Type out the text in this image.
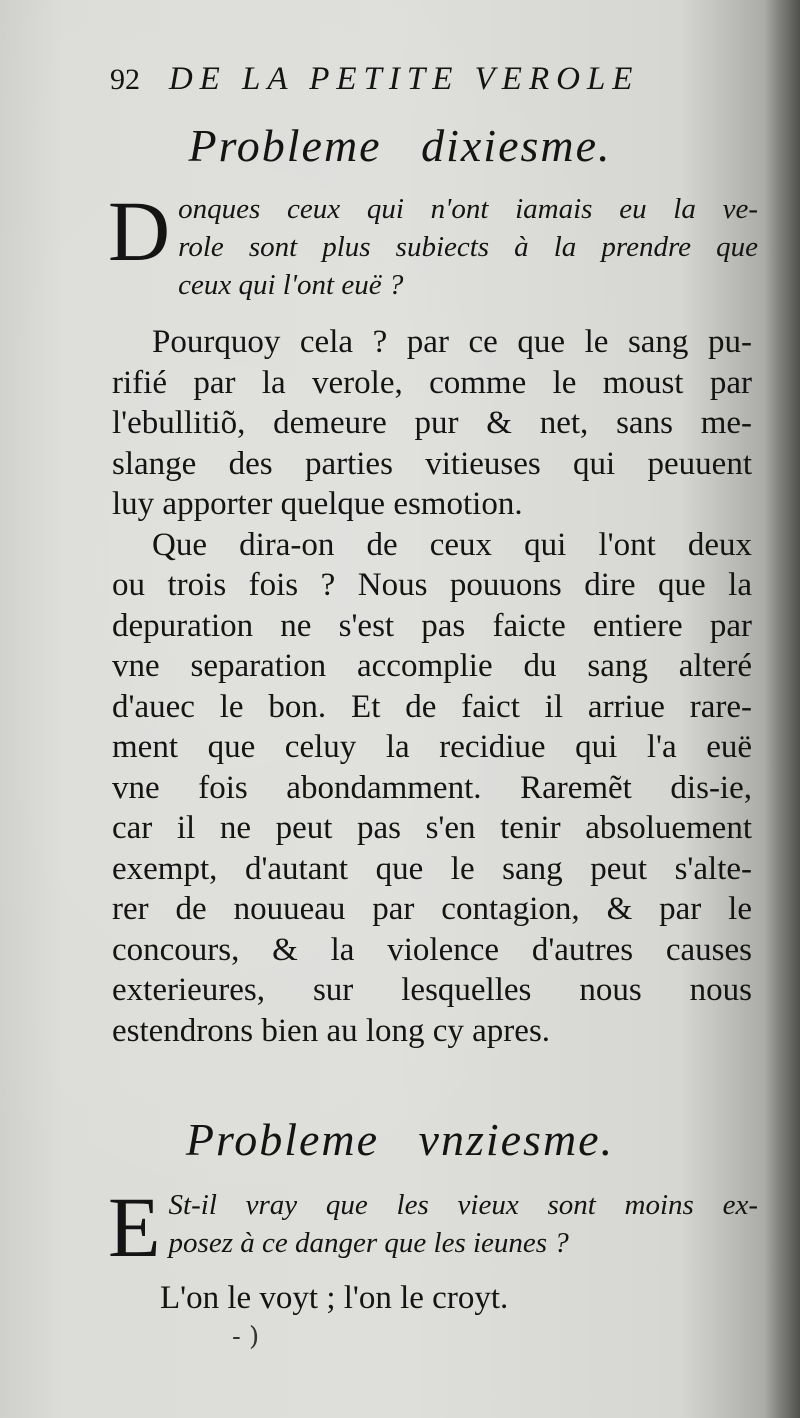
92 DE LA PETITE VEROLE
Probleme dixiesme.
D onques ceux qui n'ont iamais eu la ve-
role sont plus subiects à la prendre que
ceux qui l'ont euë ?
Pourquoy cela ? par ce que le sang pu-
rifié par la verole, comme le moust par
l'ebullitiõ, demeure pur & net, sans me-
slange des parties vitieuses qui peuuent
luy apporter quelque esmotion.
Que dira-on de ceux qui l'ont deux
ou trois fois ? Nous pouuons dire que la
depuration ne s'est pas faicte entiere par
vne separation accomplie du sang alteré
d'auec le bon. Et de faict il arriue rare-
ment que celuy la recidiue qui l'a euë
vne fois abondamment. Raremẽt dis-ie,
car il ne peut pas s'en tenir absoluement
exempt, d'autant que le sang peut s'alte-
rer de nouueau par contagion, & par le
concours, & la violence d'autres causes
exterieures, sur lesquelles nous nous
estendrons bien au long cy apres.
Probleme vnziesme.
E St-il vray que les vieux sont moins ex-
posez à ce danger que les ieunes ?
L'on le voyt ; l'on le croyt.
- )
